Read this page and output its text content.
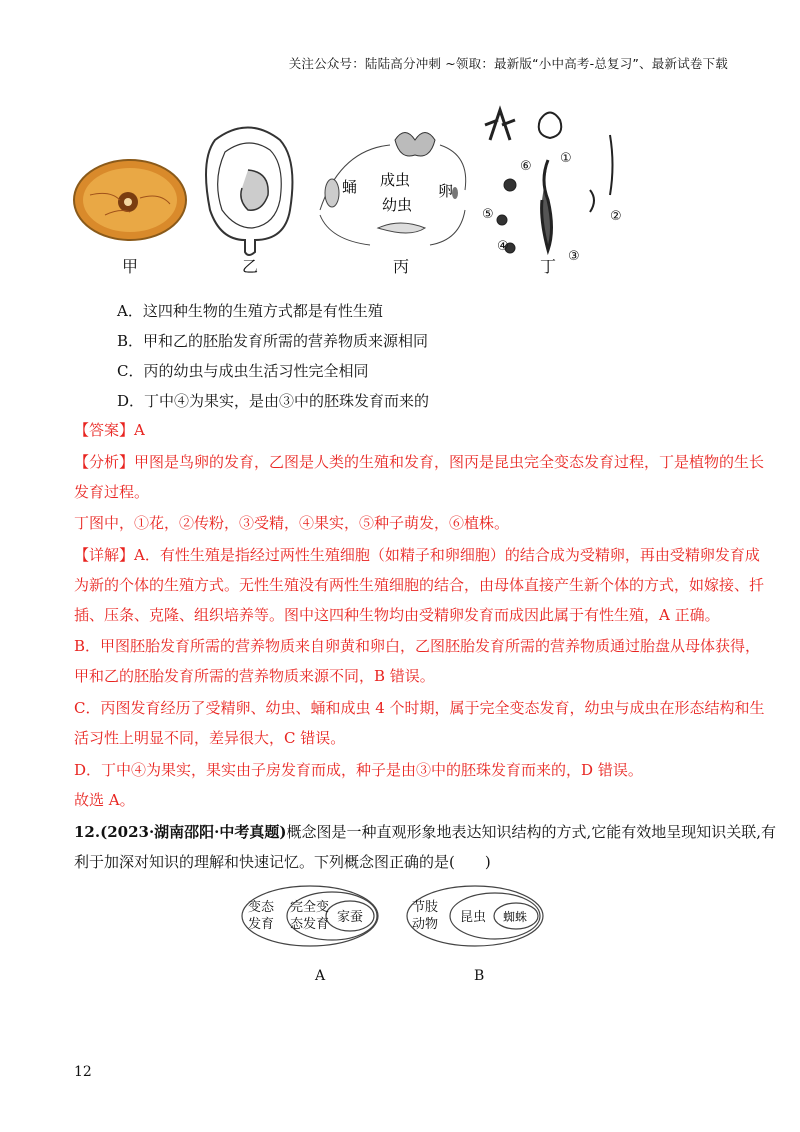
关注公众号：陆陆高分冲刺 ~领取：最新版“小中高考-总复习”、最新试卷下载
蛹 成虫
卵
幼虫
⑥
①
②
③
④
⑤
甲	乙	丙	丁
A．这四种生物的生殖方式都是有性生殖
B．甲和乙的胚胎发育所需的营养物质来源相同
C．丙的幼虫与成虫生活习性完全相同
D．丁中④为果实，是由③中的胚珠发育而来的
【答案】A
【分析】甲图是鸟卵的发育，乙图是人类的生殖和发育，图丙是昆虫完全变态发育过程，丁是植物的生长
发育过程。
丁图中，①花，②传粉，③受精，④果实，⑤种子萌发，⑥植株。
【详解】A．有性生殖是指经过两性生殖细胞（如精子和卵细胞）的结合成为受精卵，再由受精卵发育成
为新的个体的生殖方式。无性生殖没有两性生殖细胞的结合，由母体直接产生新个体的方式，如嫁接、扦
插、压条、克隆、组织培养等。图中这四种生物均由受精卵发育而成因此属于有性生殖，A 正确。
B．甲图胚胎发育所需的营养物质来自卵黄和卵白，乙图胚胎发育所需的营养物质通过胎盘从母体获得，
甲和乙的胚胎发育所需的营养物质来源不同，B 错误。
C．丙图发育经历了受精卵、幼虫、蛹和成虫 4 个时期，属于完全变态发育，幼虫与成虫在形态结构和生
活习性上明显不同，差异很大，C 错误。
D．丁中④为果实，果实由子房发育而成，种子是由③中的胚珠发育而来的，D 错误。
故选 A。
12.(2023·湖南邵阳·中考真题)概念图是一种直观形象地表达知识结构的方式,它能有效地呈现知识关联,有
利于加深对知识的理解和快速记忆。下列概念图正确的是(　　)
变态
发育
完全变
态发育 家蚕
节肢
动物 昆虫 蜘蛛
A	B
12
